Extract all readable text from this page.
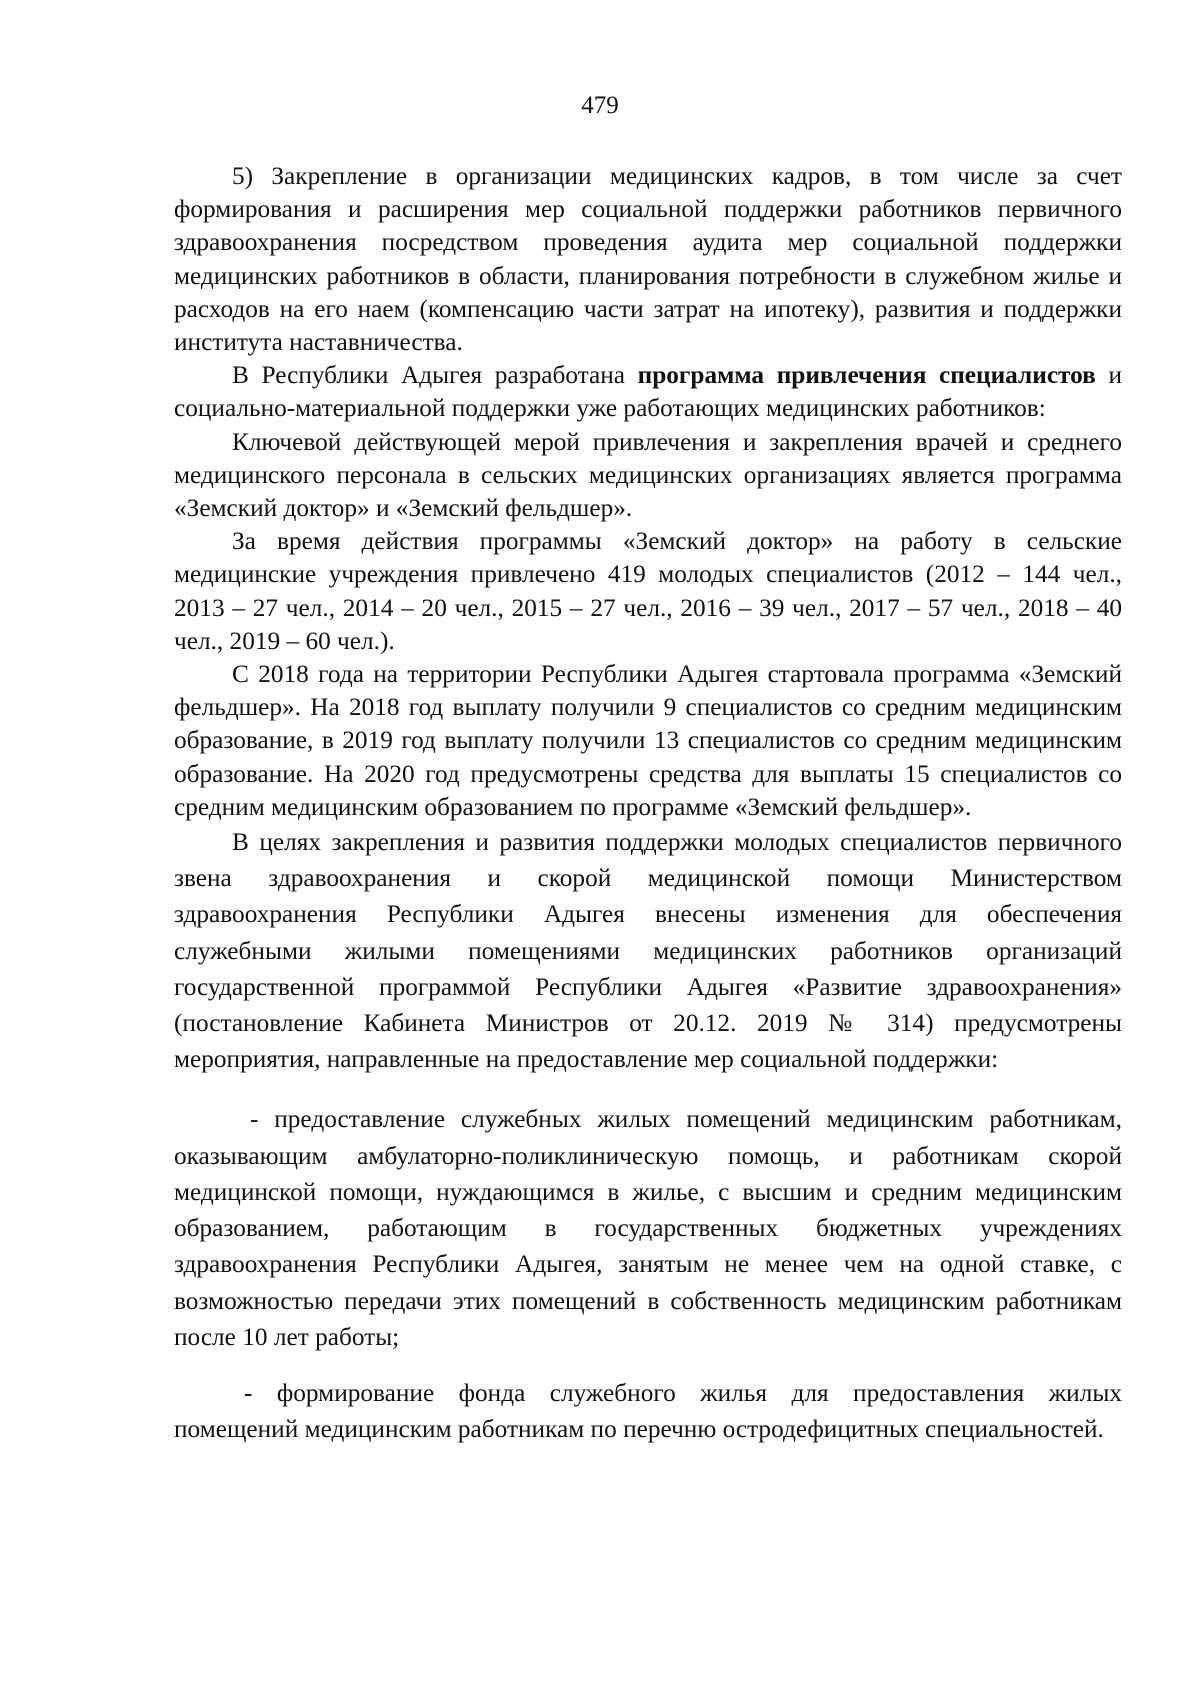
479

5) Закрепление в организации медицинских кадров, в том числе за счет формирования и расширения мер социальной поддержки работников первичного здравоохранения посредством проведения аудита мер социальной поддержки медицинских работников в области, планирования потребности в служебном жилье и расходов на его наем (компенсацию части затрат на ипотеку), развития и поддержки института наставничества.

В Республики Адыгея разработана программа привлечения специалистов и социально-материальной поддержки уже работающих медицинских работников:

Ключевой действующей мерой привлечения и закрепления врачей и среднего медицинского персонала в сельских медицинских организациях является программа «Земский доктор» и «Земский фельдшер».

За время действия программы «Земский доктор» на работу в сельские медицинские учреждения привлечено 419 молодых специалистов (2012 – 144 чел., 2013 – 27 чел., 2014 – 20 чел., 2015 – 27 чел., 2016 – 39 чел., 2017 – 57 чел., 2018 – 40 чел., 2019 – 60 чел.).

С 2018 года на территории Республики Адыгея стартовала программа «Земский фельдшер». На 2018 год выплату получили 9 специалистов со средним медицинским образование, в 2019 год выплату получили 13 специалистов со средним медицинским образование. На 2020 год предусмотрены средства для выплаты 15 специалистов со средним медицинским образованием по программе «Земский фельдшер».

В целях закрепления и развития поддержки молодых специалистов первичного звена здравоохранения и скорой медицинской помощи Министерством здравоохранения Республики Адыгея внесены изменения для обеспечения служебными жилыми помещениями медицинских работников организаций государственной программой Республики Адыгея «Развитие здравоохранения» (постановление Кабинета Министров от 20.12. 2019 № 314) предусмотрены мероприятия, направленные на предоставление мер социальной поддержки:

- предоставление служебных жилых помещений медицинским работникам, оказывающим амбулаторно-поликлиническую помощь, и работникам скорой медицинской помощи, нуждающимся в жилье, с высшим и средним медицинским образованием, работающим в государственных бюджетных учреждениях здравоохранения Республики Адыгея, занятым не менее чем на одной ставке, с возможностью передачи этих помещений в собственность медицинским работникам после 10 лет работы;

- формирование фонда служебного жилья для предоставления жилых помещений медицинским работникам по перечню остродефицитных специальностей.
